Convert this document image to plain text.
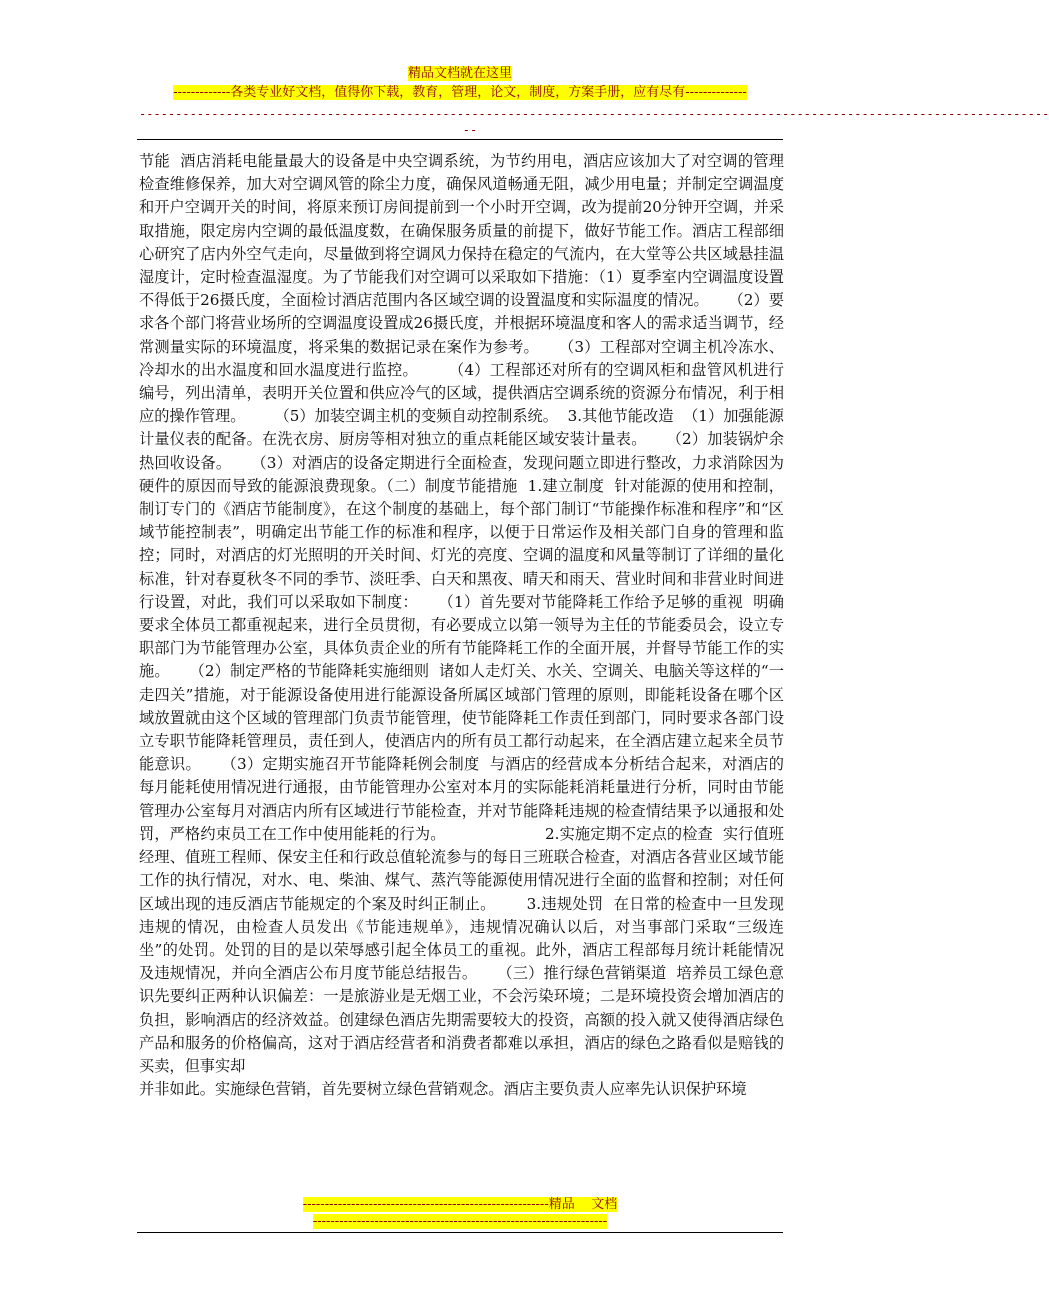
精品文档就在这里
-------------各类专业好文档，值得你下载，教育，管理，论文，制度，方案手册，应有尽有--------------
------------------------------------------------------------------------------------------------------------------------------
--
节能  酒店消耗电能量最大的设备是中央空调系统，为节约用电，酒店应该加大了对空调的管理检查维修保养，加大对空调风管的除尘力度，确保风道畅通无阻，减少用电量；并制定空调温度和开户空调开关的时间，将原来预订房间提前到一个小时开空调，改为提前20分钟开空调，并采取措施，限定房内空调的最低温度数，在确保服务质量的前提下，做好节能工作。酒店工程部细心研究了店内外空气走向，尽量做到将空调风力保持在稳定的气流内，在大堂等公共区域悬挂温湿度计，定时检查温湿度。为了节能我们对空调可以采取如下措施：（1）夏季室内空调温度设置不得低于26摄氏度，全面检讨酒店范围内各区域空调的设置温度和实际温度的情况。    （2）要求各个部门将营业场所的空调温度设置成26摄氏度，并根据环境温度和客人的需求适当调节，经常测量实际的环境温度，将采集的数据记录在案作为参考。    （3）工程部对空调主机冷冻水、冷却水的出水温度和回水温度进行监控。      （4）工程部还对所有的空调风柜和盘管风机进行编号，列出清单，表明开关位置和供应冷气的区域，提供酒店空调系统的资源分布情况，利于相应的操作管理。      （5）加装空调主机的变频自动控制系统。  3.其他节能改造  （1）加强能源计量仪表的配备。在洗衣房、厨房等相对独立的重点耗能区域安装计量表。    （2）加装锅炉余热回收设备。    （3）对酒店的设备定期进行全面检查，发现问题立即进行整改，力求消除因为硬件的原因而导致的能源浪费现象。（二）制度节能措施  1.建立制度  针对能源的使用和控制，制订专门的《酒店节能制度》，在这个制度的基础上，每个部门制订“节能操作标准和程序”和“区域节能控制表”，明确定出节能工作的标准和程序，以便于日常运作及相关部门自身的管理和监控；同时，对酒店的灯光照明的开关时间、灯光的亮度、空调的温度和风量等制订了详细的量化标准，针对春夏秋冬不同的季节、淡旺季、白天和黑夜、晴天和雨天、营业时间和非营业时间进行设置，对此，我们可以采取如下制度：    （1）首先要对节能降耗工作给予足够的重视  明确要求全体员工都重视起来，进行全员贯彻，有必要成立以第一领导为主任的节能委员会，设立专职部门为节能管理办公室，具体负责企业的所有节能降耗工作的全面开展，并督导节能工作的实施。    （2）制定严格的节能降耗实施细则  诸如人走灯关、水关、空调关、电脑关等这样的“一走四关”措施，对于能源设备使用进行能源设备所属区域部门管理的原则，即能耗设备在哪个区域放置就由这个区域的管理部门负责节能管理，使节能降耗工作责任到部门，同时要求各部门设立专职节能降耗管理员，责任到人，使酒店内的所有员工都行动起来，在全酒店建立起来全员节能意识。    （3）定期实施召开节能降耗例会制度  与酒店的经营成本分析结合起来，对酒店的每月能耗使用情况进行通报，由节能管理办公室对本月的实际能耗消耗量进行分析，同时由节能管理办公室每月对酒店内所有区域进行节能检查，并对节能降耗违规的检查情结果予以通报和处罚，严格约束员工在工作中使用能耗的行为。                    2.实施定期不定点的检查  实行值班经理、值班工程师、保安主任和行政总值轮流参与的每日三班联合检查，对酒店各营业区域节能工作的执行情况，对水、电、柴油、煤气、蒸汽等能源使用情况进行全面的监督和控制；对任何区域出现的违反酒店节能规定的个案及时纠正制止。      3.违规处罚  在日常的检查中一旦发现违规的情况，由检查人员发出《节能违规单》，违规情况确认以后，对当事部门采取“三级连坐”的处罚。处罚的目的是以荣辱感引起全体员工的重视。此外，酒店工程部每月统计耗能情况及违规情况，并向全酒店公布月度节能总结报告。    （三）推行绿色营销渠道  培养员工绿色意识先要纠正两种认识偏差：一是旅游业是无烟工业，不会污染环境；二是环境投资会增加酒店的负担，影响酒店的经济效益。创建绿色酒店先期需要较大的投资，高额的投入就又使得酒店绿色产品和服务的价格偏高，这对于酒店经营者和消费者都难以承担，酒店的绿色之路看似是赔钱的买卖，但事实却
并非如此。实施绿色营销，首先要树立绿色营销观念。酒店主要负责人应率先认识保护环境
--------------------------------------------------------精品    文档
-------------------------------------------------------------------
